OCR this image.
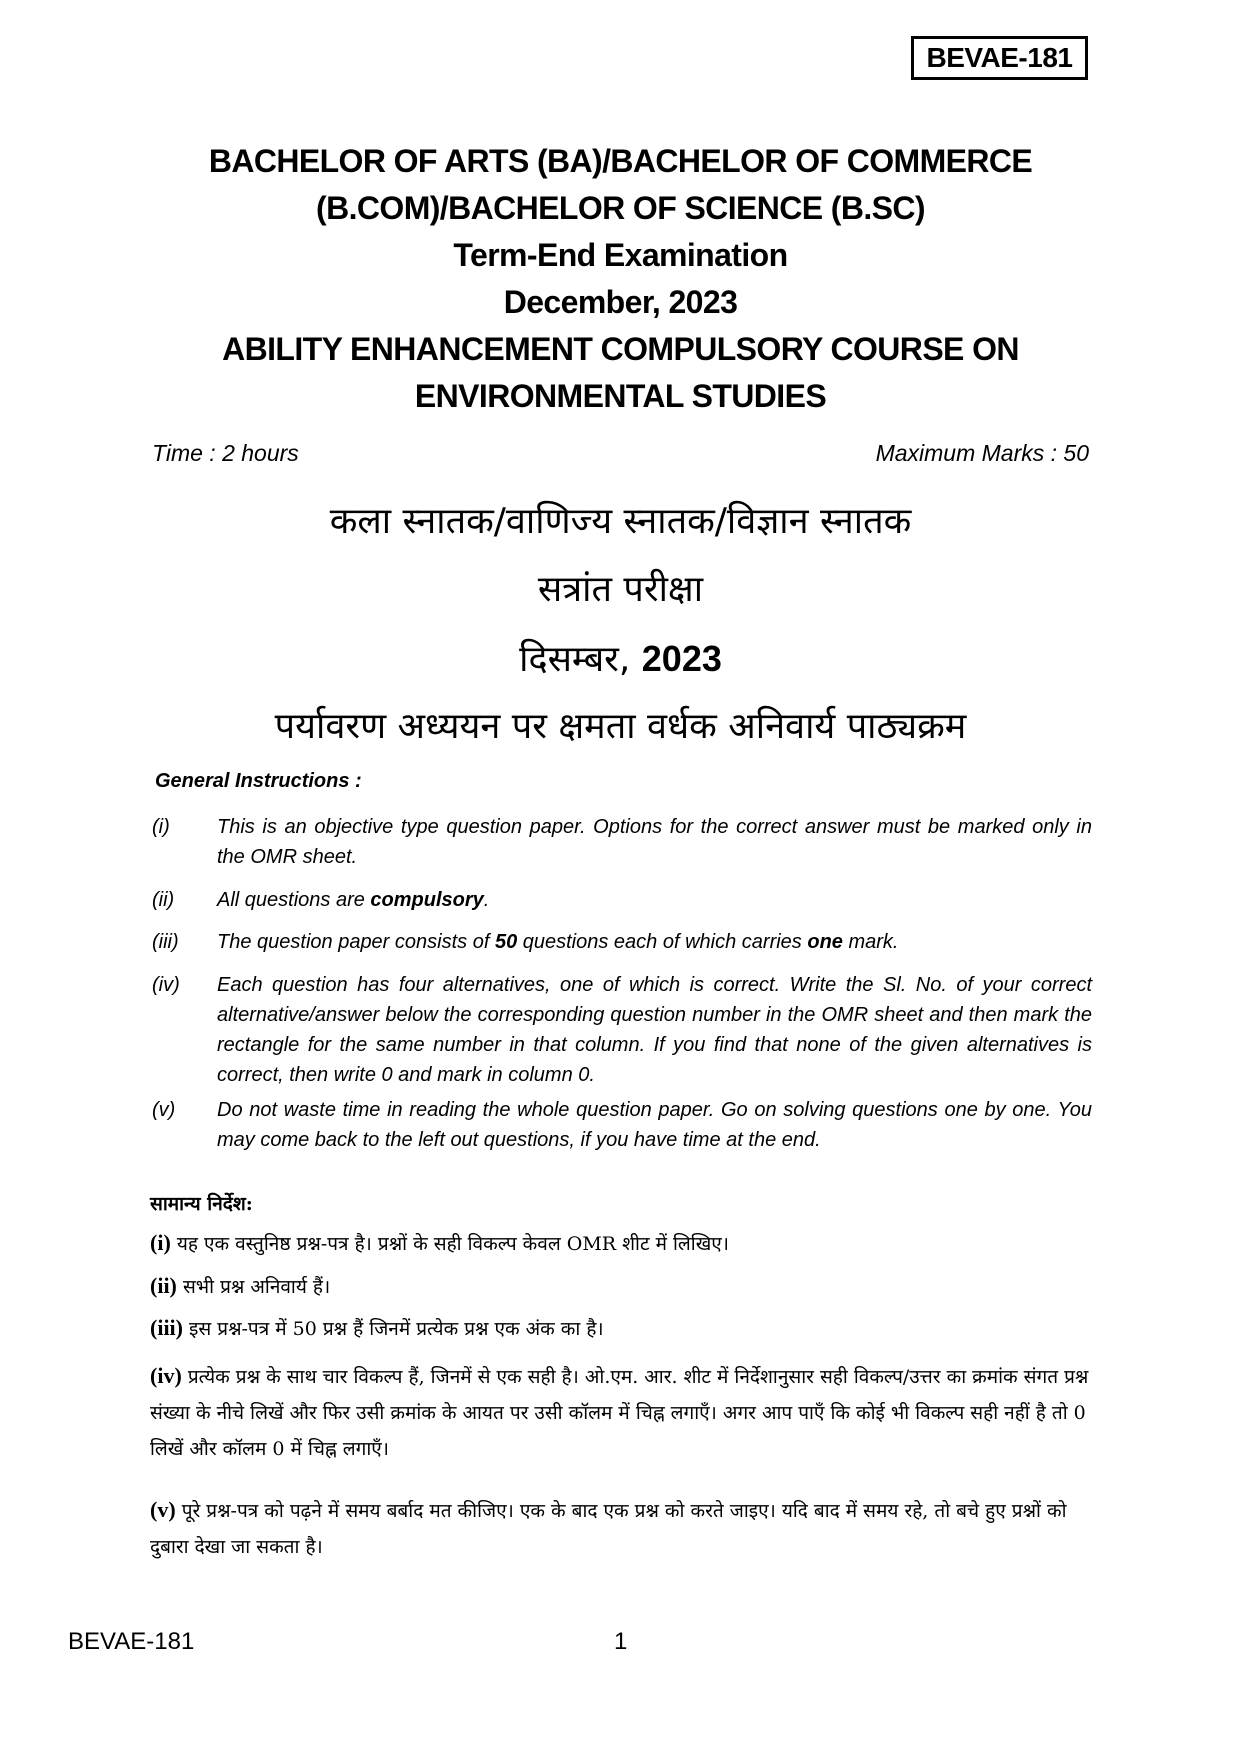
BEVAE-181
BACHELOR OF ARTS (BA)/BACHELOR OF COMMERCE
(B.COM)/BACHELOR OF SCIENCE (B.SC)
Term-End Examination
December, 2023
ABILITY ENHANCEMENT COMPULSORY COURSE ON
ENVIRONMENTAL STUDIES
Time : 2 hours	Maximum Marks : 50
कला स्नातक/वाणिज्य स्नातक/विज्ञान स्नातक
सत्रांत परीक्षा
दिसम्बर, 2023
पर्यावरण अध्ययन पर क्षमता वर्धक अनिवार्य पाठ्यक्रम
General Instructions :
(i) This is an objective type question paper. Options for the correct answer must be marked only in the OMR sheet.
(ii) All questions are compulsory.
(iii) The question paper consists of 50 questions each of which carries one mark.
(iv) Each question has four alternatives, one of which is correct. Write the Sl. No. of your correct alternative/answer below the corresponding question number in the OMR sheet and then mark the rectangle for the same number in that column. If you find that none of the given alternatives is correct, then write 0 and mark in column 0.
(v) Do not waste time in reading the whole question paper. Go on solving questions one by one. You may come back to the left out questions, if you have time at the end.
सामान्य निर्देश:
(i) यह एक वस्तुनिष्ठ प्रश्न-पत्र है। प्रश्नों के सही विकल्प केवल OMR शीट में लिखिए।
(ii) सभी प्रश्न अनिवार्य हैं।
(iii) इस प्रश्न-पत्र में 50 प्रश्न हैं जिनमें प्रत्येक प्रश्न एक अंक का है।
(iv) प्रत्येक प्रश्न के साथ चार विकल्प हैं, जिनमें से एक सही है। ओ.एम. आर. शीट में निर्देशानुसार सही विकल्प/उत्तर का क्रमांक संगत प्रश्न संख्या के नीचे लिखें और फिर उसी क्रमांक के आयत पर उसी कॉलम में चिह्न लगाएँ। अगर आप पाएँ कि कोई भी विकल्प सही नहीं है तो 0 लिखें और कॉलम 0 में चिह्न लगाएँ।
(v) पूरे प्रश्न-पत्र को पढ़ने में समय बर्बाद मत कीजिए। एक के बाद एक प्रश्न को करते जाइए। यदि बाद में समय रहे, तो बचे हुए प्रश्नों को दुबारा देखा जा सकता है।
BEVAE-181	1
